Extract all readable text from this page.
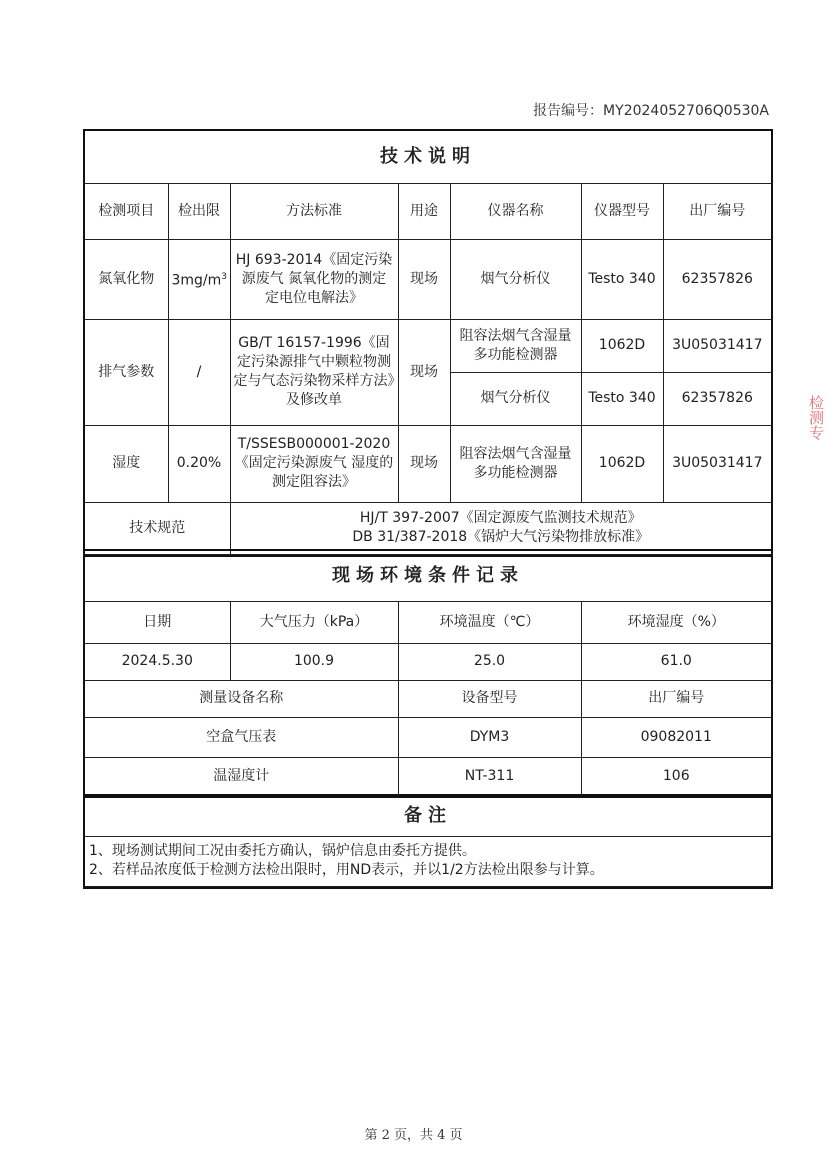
报告编号：MY2024052706Q0530A
技术说明						
检测项目	检出限	方法标准	用途	仪器名称	仪器型号	出厂编号
氮氧化物	$3mg/m^3$	HJ 693-2014《固定污染源废气 氮氧化物的测定 定电位电解法》	现场	烟气分析仪	Testo 340	62357826
排气参数	/	GB/T 16157-1996《固定污染源排气中颗粒物测定与气态污染物采样方法》及修改单	现场	阻容法烟气含湿量多功能检测器	1062D	3U05031417
				烟气分析仪	Testo 340	62357826
湿度	0.20%	T/SSESB000001-2020《固定污染源废气 湿度的测定阻容法》	现场	阻容法烟气含湿量多功能检测器	1062D	3U05031417
技术规范		HJ/T 397-2007《固定源废气监测技术规范》
DB 31/387-2018《锅炉大气污染物排放标准》				
现场环境条件记录			
日期	大气压力（kPa）	环境温度（℃）	环境湿度（%）
2024.5.30	100.9	25.0	61.0
测量设备名称		设备型号	出厂编号
空盒气压表		DYM3	09082011
温湿度计		NT-311	106
备注

1、现场测试期间工况由委托方确认，锅炉信息由委托方提供。
2、若样品浓度低于检测方法检出限时，用ND表示，并以1/2方法检出限参与计算。
检测专
第 2 页，共 4 页
